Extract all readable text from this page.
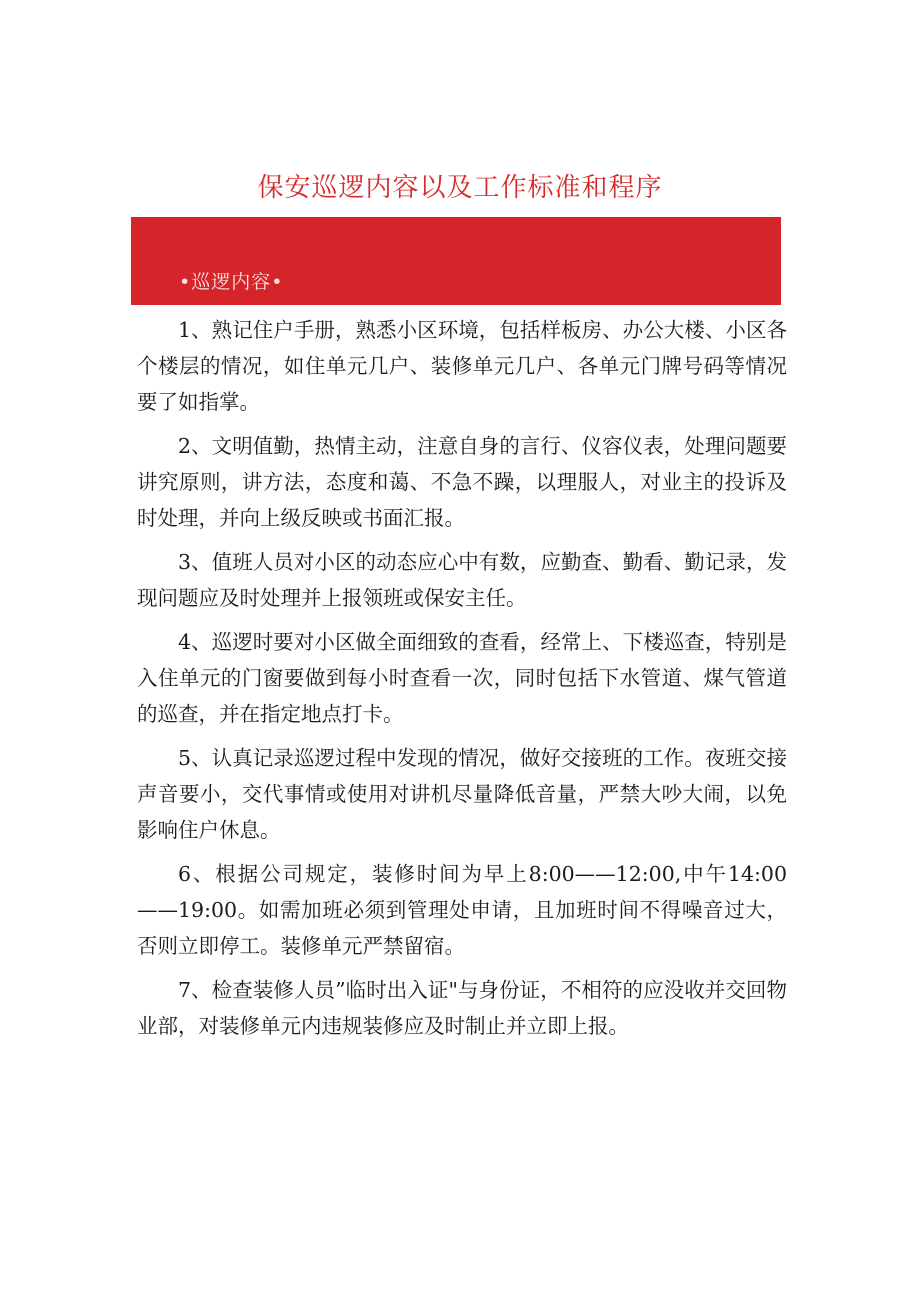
保安巡逻内容以及工作标准和程序
•巡逻内容•

1、熟记住户手册，熟悉小区环境，包括样板房、办公大楼、小区各个楼层的情况，如住单元几户、装修单元几户、各单元门牌号码等情况要了如指掌。

2、文明值勤，热情主动，注意自身的言行、仪容仪表，处理问题要讲究原则，讲方法，态度和蔼、不急不躁，以理服人，对业主的投诉及时处理，并向上级反映或书面汇报。

3、值班人员对小区的动态应心中有数，应勤查、勤看、勤记录，发现问题应及时处理并上报领班或保安主任。

4、巡逻时要对小区做全面细致的查看，经常上、下楼巡查，特别是入住单元的门窗要做到每小时查看一次，同时包括下水管道、煤气管道的巡查，并在指定地点打卡。

5、认真记录巡逻过程中发现的情况，做好交接班的工作。夜班交接声音要小，交代事情或使用对讲机尽量降低音量，严禁大吵大闹，以免影响住户休息。

6、根据公司规定，装修时间为早上8:00——12:00,中午14:00——19:00。如需加班必须到管理处申请，且加班时间不得噪音过大，否则立即停工。装修单元严禁留宿。

7、检查装修人员”临时出入证"与身份证，不相符的应没收并交回物业部，对装修单元内违规装修应及时制止并立即上报。
